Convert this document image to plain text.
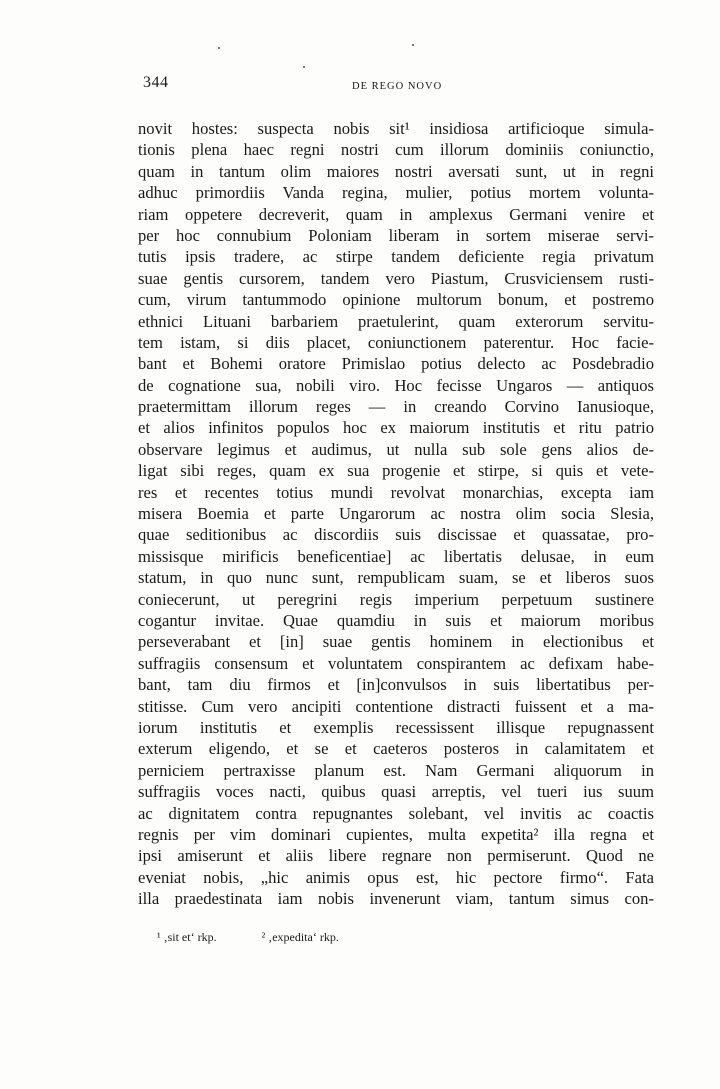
344	DE REGO NOVO
novit hostes: suspecta nobis sit¹ insidiosa artificioque simula-
tionis plena haec regni nostri cum illorum dominiis coniunctio,
quam in tantum olim maiores nostri aversati sunt, ut in regni
adhuc primordiis Vanda regina, mulier, potius mortem volunta-
riam oppetere decreverit, quam in amplexus Germani venire et
per hoc connubium Poloniam liberam in sortem miserae servi-
tutis ipsis tradere, ac stirpe tandem deficiente regia privatum
suae gentis cursorem, tandem vero Piastum, Crusviciensem rusti-
cum, virum tantummodo opinione multorum bonum, et postremo
ethnici Lituani barbariem praetulerint, quam exterorum servitu-
tem istam, si diis placet, coniunctionem paterentur. Hoc facie-
bant et Bohemi oratore Primislao potius delecto ac Posdebradio
de cognatione sua, nobili viro. Hoc fecisse Ungaros — antiquos
praetermittam illorum reges — in creando Corvino Ianusioque,
et alios infinitos populos hoc ex maiorum institutis et ritu patrio
observare legimus et audimus, ut nulla sub sole gens alios de-
ligat sibi reges, quam ex sua progenie et stirpe, si quis et vete-
res et recentes totius mundi revolvat monarchias, excepta iam
misera Boemia et parte Ungarorum ac nostra olim socia Slesia,
quae seditionibus ac discordiis suis discissae et quassatae, pro-
missisque mirificis beneficentiae] ac libertatis delusae, in eum
statum, in quo nunc sunt, rempublicam suam, se et liberos suos
coniecerunt, ut peregrini regis imperium perpetuum sustinere
cogantur invitae. Quae quamdiu in suis et maiorum moribus
perseverabant et [in] suae gentis hominem in electionibus et
suffragiis consensum et voluntatem conspirantem ac defixam habe-
bant, tam diu firmos et [in]convulsos in suis libertatibus per-
stitisse. Cum vero ancipiti contentione distracti fuissent et a ma-
iorum institutis et exemplis recessissent illisque repugnassent
exterum eligendo, et se et caeteros posteros in calamitatem et
perniciem pertraxisse planum est. Nam Germani aliquorum in
suffragiis voces nacti, quibus quasi arreptis, vel tueri ius suum
ac dignitatem contra repugnantes solebant, vel invitis ac coactis
regnis per vim dominari cupientes, multa expetita² illa regna et
ipsi amiserunt et aliis libere regnare non permiserunt. Quod ne
eveniat nobis, „hic animis opus est, hic pectore firmo“. Fata
illa praedestinata iam nobis invenerunt viam, tantum simus con-
¹ ‚sit et‘ rkp.	² ‚expedita‘ rkp.
